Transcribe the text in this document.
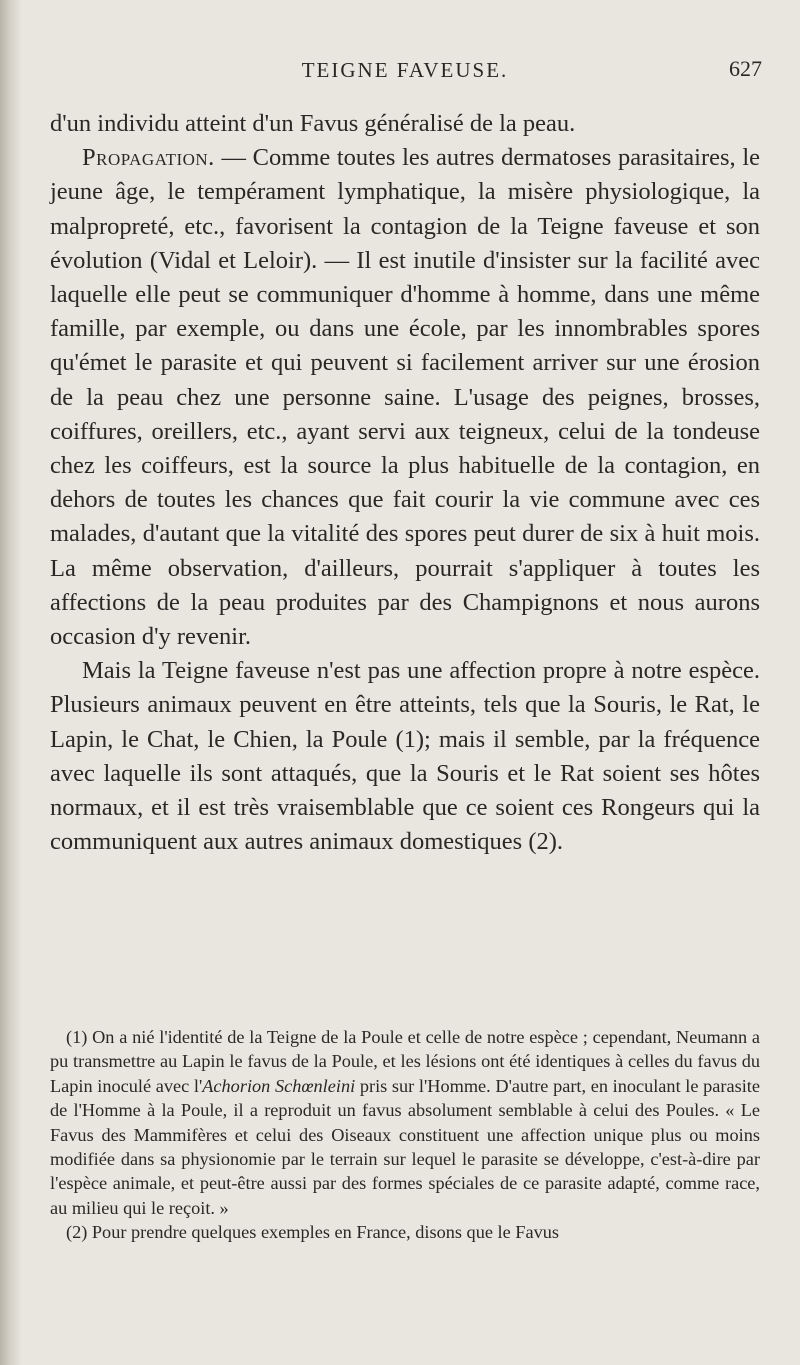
TEIGNE FAVEUSE.	627

d'un individu atteint d'un Favus généralisé de la peau.

Propagation. — Comme toutes les autres dermatoses parasitaires, le jeune âge, le tempérament lymphatique, la misère physiologique, la malpropreté, etc., favorisent la contagion de la Teigne faveuse et son évolution (Vidal et Leloir). — Il est inutile d'insister sur la facilité avec laquelle elle peut se communiquer d'homme à homme, dans une même famille, par exemple, ou dans une école, par les innombrables spores qu'émet le parasite et qui peuvent si facilement arriver sur une érosion de la peau chez une personne saine. L'usage des peignes, brosses, coiffures, oreillers, etc., ayant servi aux teigneux, celui de la tondeuse chez les coiffeurs, est la source la plus habituelle de la contagion, en dehors de toutes les chances que fait courir la vie commune avec ces malades, d'autant que la vitalité des spores peut durer de six à huit mois. La même observation, d'ailleurs, pourrait s'appliquer à toutes les affections de la peau produites par des Champignons et nous aurons occasion d'y revenir.

Mais la Teigne faveuse n'est pas une affection propre à notre espèce. Plusieurs animaux peuvent en être atteints, tels que la Souris, le Rat, le Lapin, le Chat, le Chien, la Poule (1); mais il semble, par la fréquence avec laquelle ils sont attaqués, que la Souris et le Rat soient ses hôtes normaux, et il est très vraisemblable que ce soient ces Rongeurs qui la communiquent aux autres animaux domestiques (2).

(1) On a nié l'identité de la Teigne de la Poule et celle de notre espèce ; cependant, Neumann a pu transmettre au Lapin le favus de la Poule, et les lésions ont été identiques à celles du favus du Lapin inoculé avec l'Achorion Schœnleini pris sur l'Homme. D'autre part, en inoculant le parasite de l'Homme à la Poule, il a reproduit un favus absolument semblable à celui des Poules. « Le Favus des Mammifères et celui des Oiseaux constituent une affection unique plus ou moins modifiée dans sa physionomie par le terrain sur lequel le parasite se développe, c'est-à-dire par l'espèce animale, et peut-être aussi par des formes spéciales de ce parasite adapté, comme race, au milieu qui le reçoit. »

(2) Pour prendre quelques exemples en France, disons que le Favus
